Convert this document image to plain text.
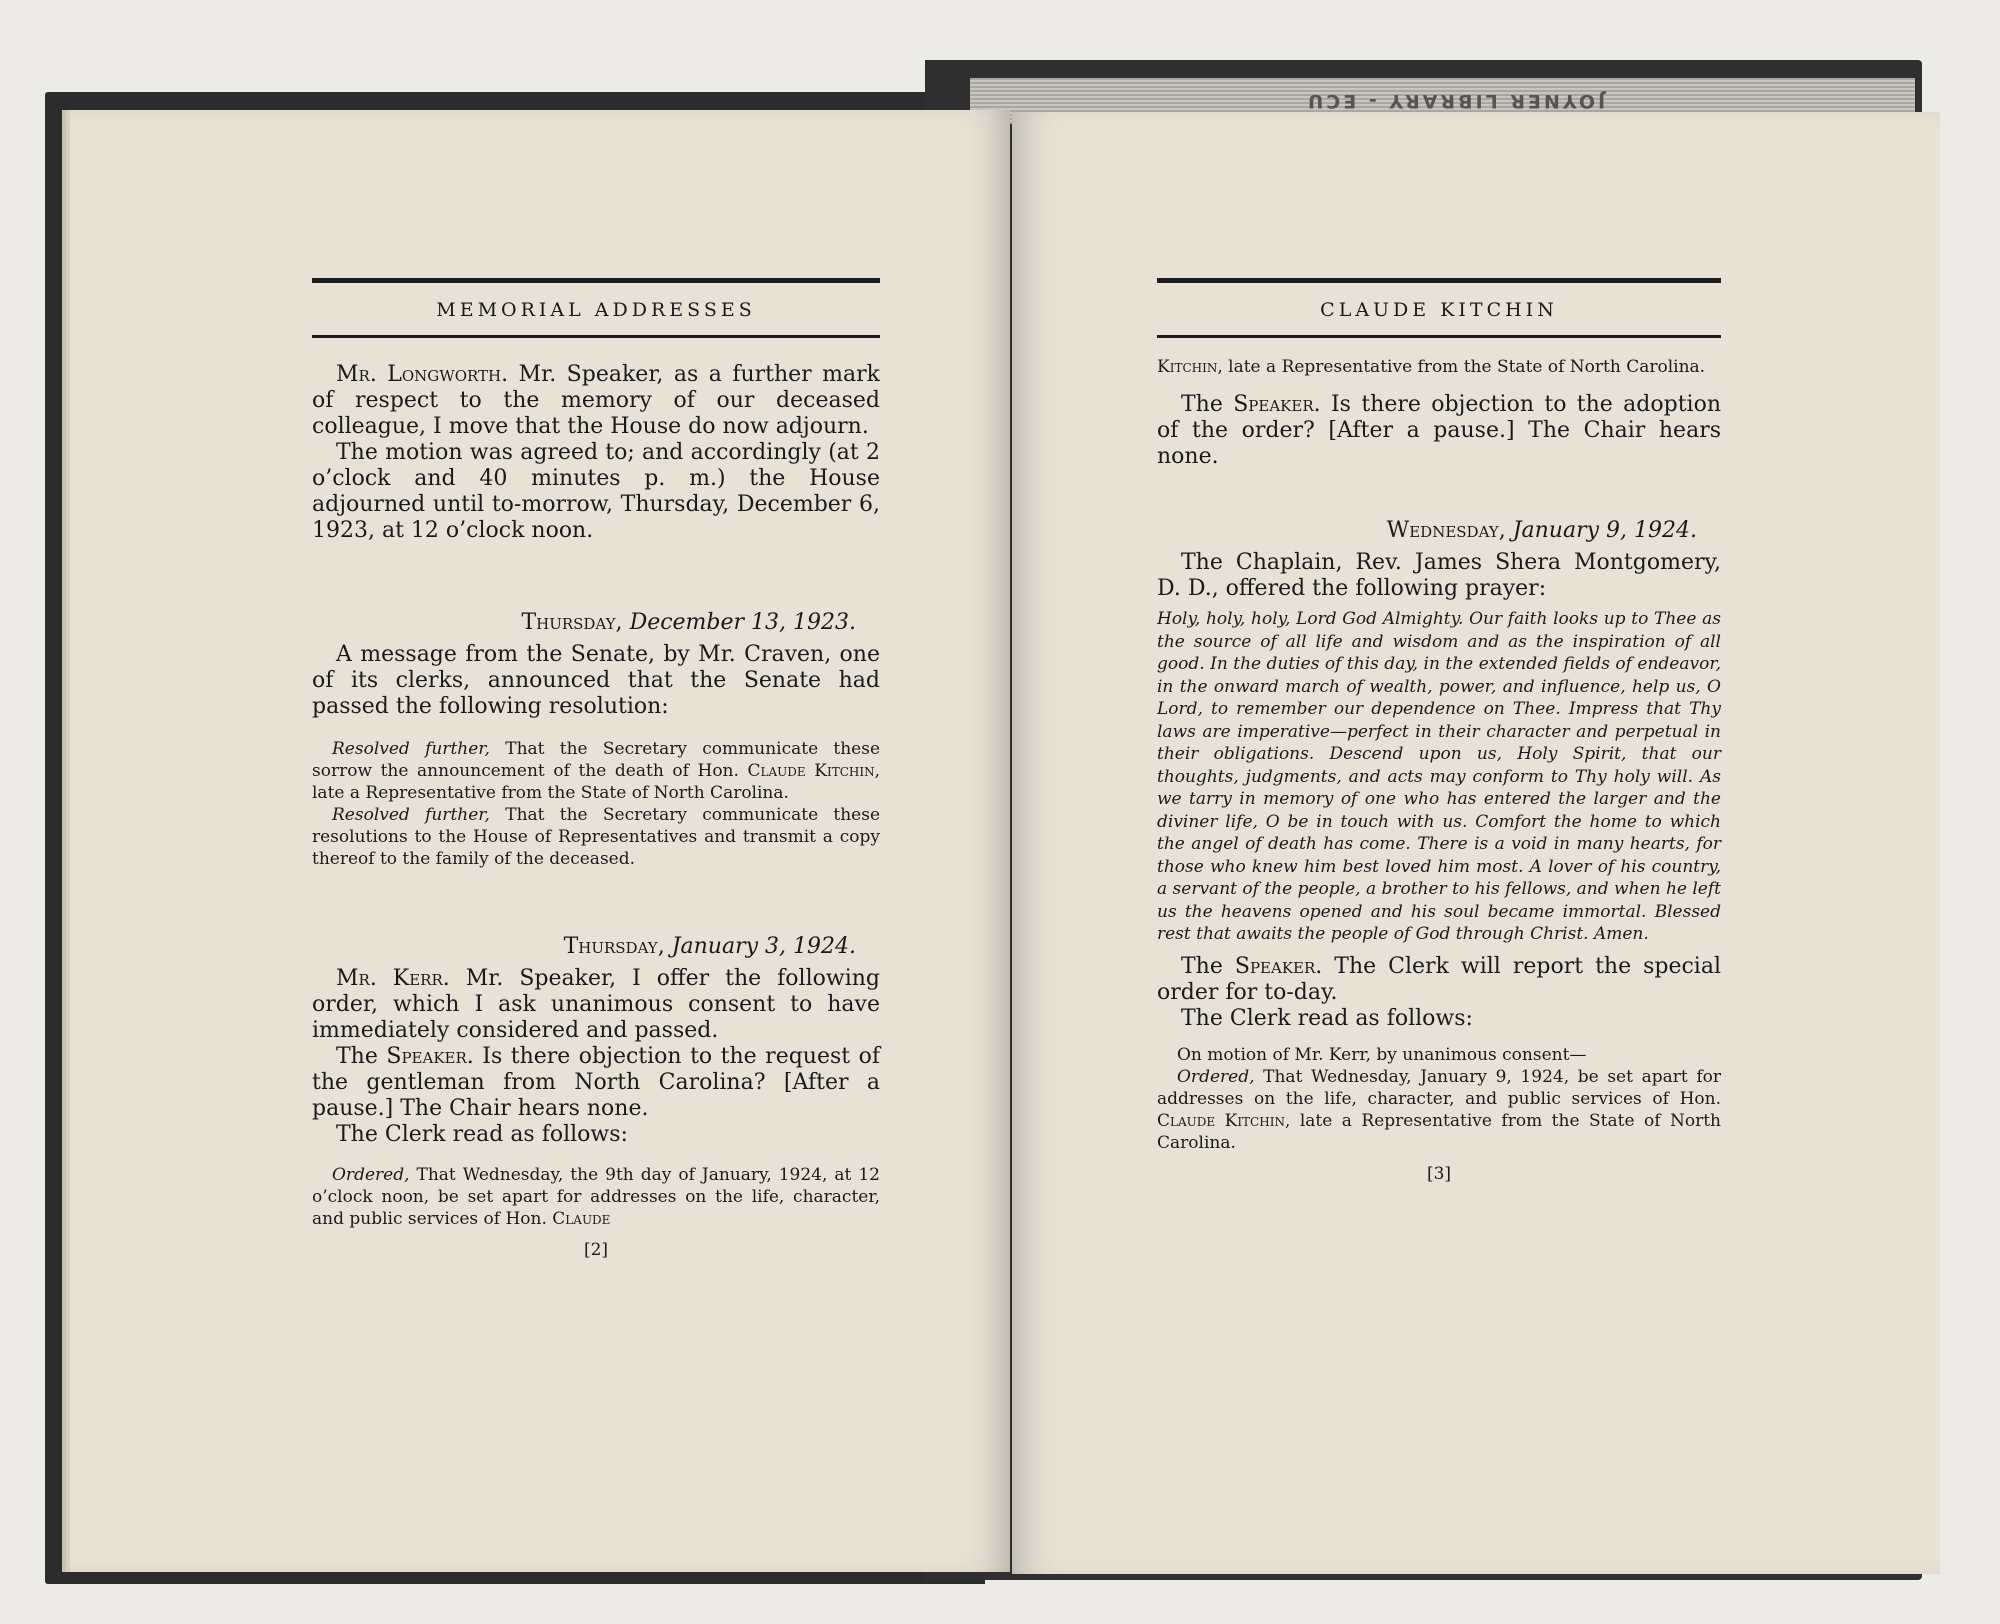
JOYNER LIBRARY - ECU
MEMORIAL ADDRESSES

Mr. Longworth. Mr. Speaker, as a further mark of respect to the memory of our deceased colleague, I move that the House do now adjourn.

The motion was agreed to; and accordingly (at 2 o’clock and 40 minutes p. m.) the House adjourned until to-morrow, Thursday, December 6, 1923, at 12 o’clock noon.

Thursday, December 13, 1923.

A message from the Senate, by Mr. Craven, one of its clerks, announced that the Senate had passed the following resolution:

Resolved further, That the Secretary communicate these sorrow the announcement of the death of Hon. Claude Kitchin, late a Representative from the State of North Carolina.

Resolved further, That the Secretary communicate these resolutions to the House of Representatives and transmit a copy thereof to the family of the deceased.

Thursday, January 3, 1924.

Mr. Kerr. Mr. Speaker, I offer the following order, which I ask unanimous consent to have immediately considered and passed.

The Speaker. Is there objection to the request of the gentleman from North Carolina? [After a pause.] The Chair hears none.

The Clerk read as follows:

Ordered, That Wednesday, the 9th day of January, 1924, at 12 o’clock noon, be set apart for addresses on the life, character, and public services of Hon. Claude

[2]
CLAUDE KITCHIN

Kitchin, late a Representative from the State of North Carolina.

The Speaker. Is there objection to the adoption of the order? [After a pause.] The Chair hears none.

Wednesday, January 9, 1924.

The Chaplain, Rev. James Shera Montgomery, D. D., offered the following prayer:

Holy, holy, holy, Lord God Almighty. Our faith looks up to Thee as the source of all life and wisdom and as the inspiration of all good. In the duties of this day, in the extended fields of endeavor, in the onward march of wealth, power, and influence, help us, O Lord, to remember our dependence on Thee. Impress that Thy laws are imperative—perfect in their character and perpetual in their obligations. Descend upon us, Holy Spirit, that our thoughts, judgments, and acts may conform to Thy holy will. As we tarry in memory of one who has entered the larger and the diviner life, O be in touch with us. Comfort the home to which the angel of death has come. There is a void in many hearts, for those who knew him best loved him most. A lover of his country, a servant of the people, a brother to his fellows, and when he left us the heavens opened and his soul became immortal. Blessed rest that awaits the people of God through Christ. Amen.

The Speaker. The Clerk will report the special order for to-day.

The Clerk read as follows:

On motion of Mr. Kerr, by unanimous consent—

Ordered, That Wednesday, January 9, 1924, be set apart for addresses on the life, character, and public services of Hon. Claude Kitchin, late a Representative from the State of North Carolina.

[3]
